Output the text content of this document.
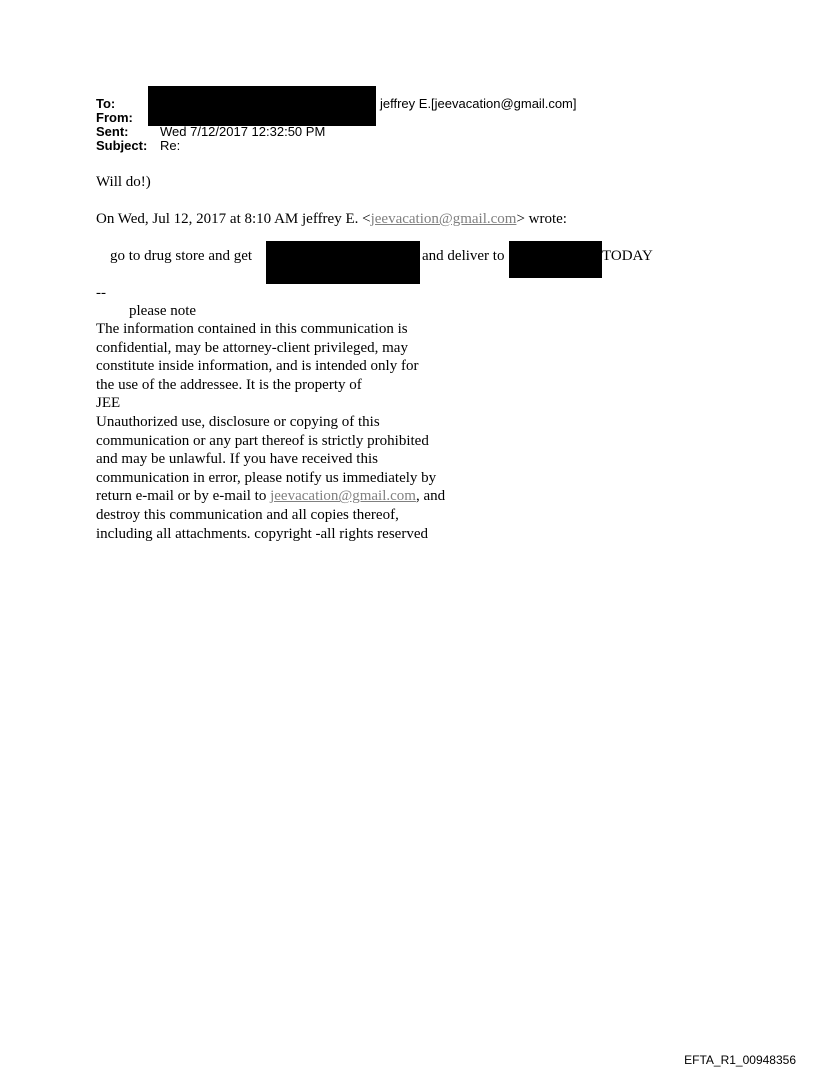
To:
From:
Sent:
Subject:
jeffrey E.[jeevacation@gmail.com]
Wed 7/12/2017 12:32:50 PM
Re:
Will do!)
On Wed, Jul 12, 2017 at 8:10 AM jeffrey E. <jeevacation@gmail.com> wrote:
go to drug store and get	and deliver to	TODAY
--
please note
The information contained in this communication is
confidential, may be attorney-client privileged, may
constitute inside information, and is intended only for
the use of the addressee. It is the property of
JEE
Unauthorized use, disclosure or copying of this
communication or any part thereof is strictly prohibited
and may be unlawful. If you have received this
communication in error, please notify us immediately by
return e-mail or by e-mail to jeevacation@gmail.com, and
destroy this communication and all copies thereof,
including all attachments. copyright -all rights reserved
EFTA_R1_00948356
